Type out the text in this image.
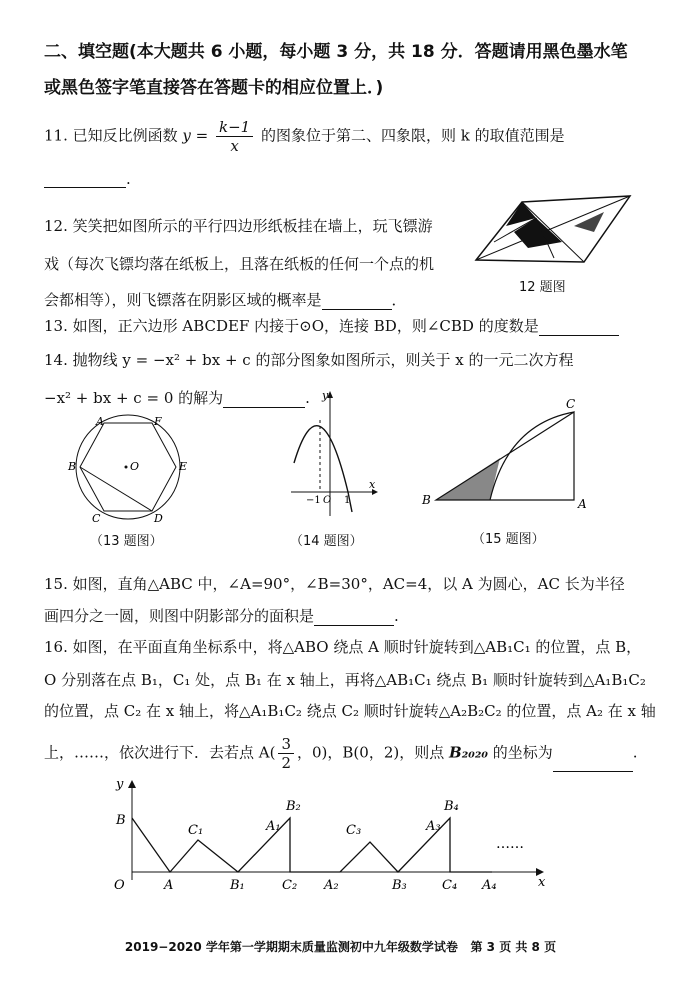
二、填空题(本大题共 6 小题，每小题 3 分，共 18 分．答题请用黑色墨水笔或黑色签字笔直接答在答题卡的相应位置上．)
11. 已知反比例函数 $y = \frac{k-1}{x}$ 的图象位于第二、四象限，则 k 的取值范围是
.
12. 笑笑把如图所示的平行四边形纸板挂在墙上，玩飞镖游
戏（每次飞镖均落在纸板上，且落在纸板的任何一个点的机
会都相等），则飞镖落在阴影区域的概率是	．
12 题图
13. 如图，正六边形 ABCDEF 内接于⊙O，连接 BD，则∠CBD 的度数是
14. 抛物线 y = −x² + bx + c 的部分图象如图所示，则关于 x 的一元二次方程
−x² + bx + c = 0 的解为	.
A	F
B	O	E
C	D
（13 题图）
y
x
−1 O 1
（14 题图）
C
B	A
（15 题图）
15. 如图，直角△ABC 中，∠A=90°，∠B=30°，AC=4，以 A 为圆心，AC 长为半径
画四分之一圆，则图中阴影部分的面积是	.
16. 如图，在平面直角坐标系中，将△ABO 绕点 A 顺时针旋转到△AB₁C₁ 的位置，点 B，
O 分别落在点 B₁，C₁ 处，点 B₁ 在 x 轴上，再将△AB₁C₁ 绕点 B₁ 顺时针旋转到△A₁B₁C₂
的位置，点 C₂ 在 x 轴上，将△A₁B₁C₂ 绕点 C₂ 顺时针旋转△A₂B₂C₂ 的位置，点 A₂ 在 x 轴
上，……，依次进行下．去若点 $A( \frac{3}{2}$ ，0)，B(0，2)，则点 B₂₀₂₀ 的坐标为	.
y
x
O
B
A
C₁
B₁
A₁
B₂
C₂ A₂
C₃
B₃
A₃
B₄
C₄ A₄
……
2019−2020 学年第一学期期末质量监测初中九年级数学试卷 第 3 页 共 8 页
